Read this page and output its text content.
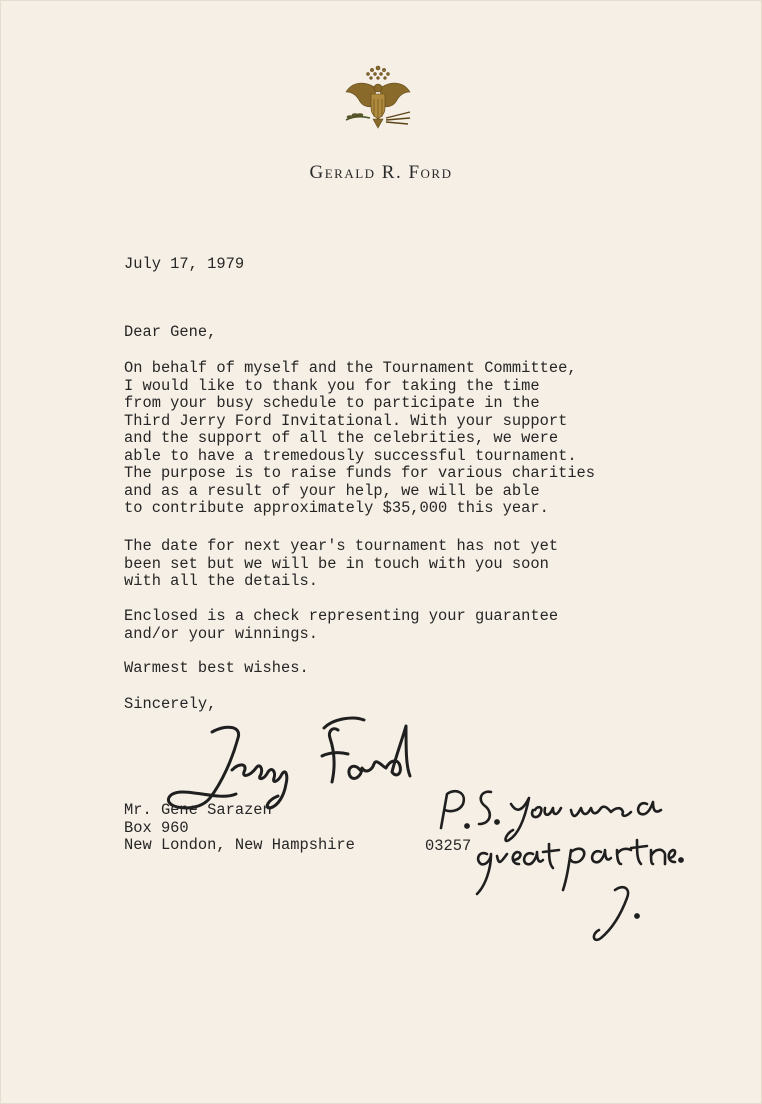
Gerald R. Ford

July 17, 1979

Dear Gene,

On behalf of myself and the Tournament Committee,
I would like to thank you for taking the time
from your busy schedule to participate in the
Third Jerry Ford Invitational. With your support
and the support of all the celebrities, we were
able to have a tremedously successful tournament.
The purpose is to raise funds for various charities
and as a result of your help, we will be able
to contribute approximately $35,000 this year.

The date for next year's tournament has not yet
been set but we will be in touch with you soon
with all the details.

Enclosed is a check representing your guarantee
and/or your winnings.

Warmest best wishes.

Sincerely,

Mr. Gene Sarazen
Box 960
New London, New Hampshire	03257
